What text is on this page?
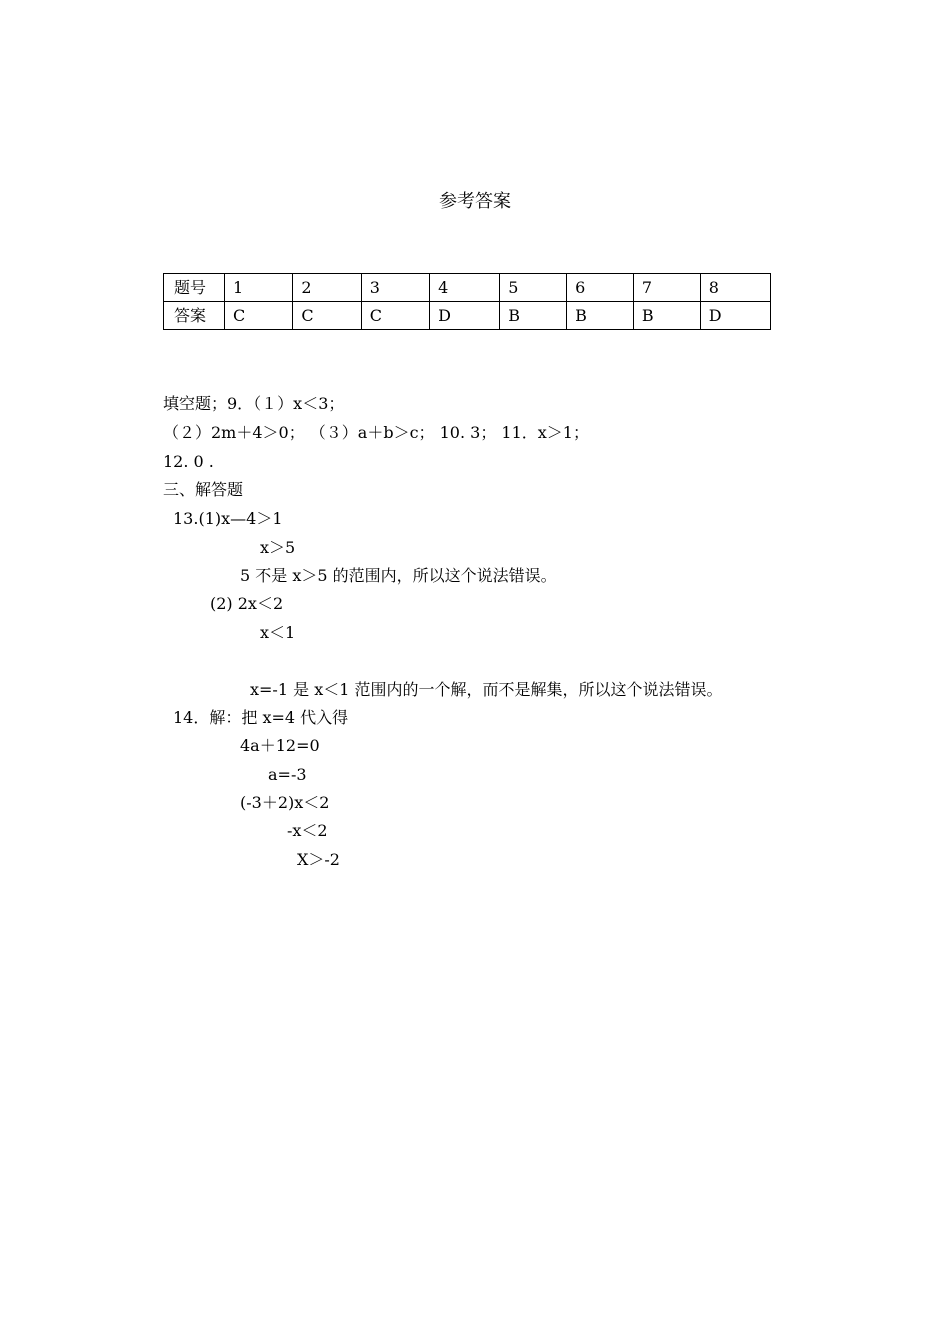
参考答案
题号	1	2	3	4	5	6	7	8
答案	C	C	C	D	B	B	B	D
填空题；9．（１）x＜3；
（２）2m＋4＞0； （３）a＋b＞c； 10. 3； 11．x＞1；
12. 0 .
三、解答题
13.(1)x—4＞1
x＞5
5 不是 x＞5 的范围内，所以这个说法错误。
(2) 2x＜2
x＜1
x=-1 是 x＜1 范围内的一个解，而不是解集，所以这个说法错误。
14．解：把 x=4 代入得
4a＋12=0
a=-3
(-3＋2)x＜2
-x＜2
X＞-2
